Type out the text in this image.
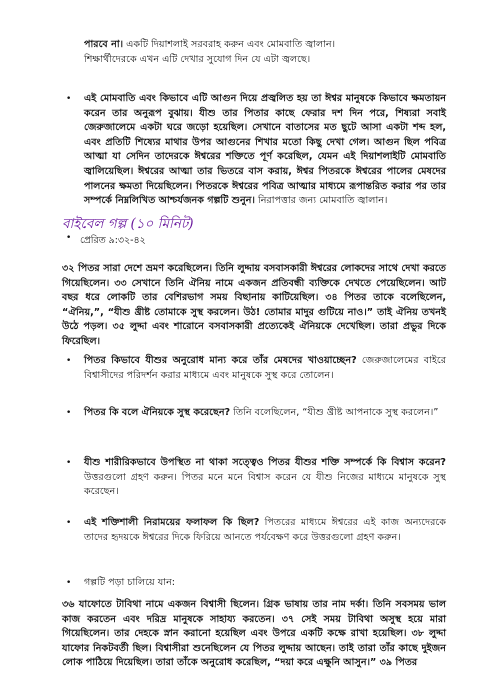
পারবে না। একটি দিয়াশলাই সরবরাহ করুন এবং মোমবাতি জ্বালান।
শিক্ষার্থীদেরকে এখন এটি দেখার সুযোগ দিন যে এটা জ্বলছে।
• এই মোমবাতি এবং কিভাবে এটি আগুন দিয়ে প্রজ্বলিত হয় তা ঈশ্বর মানুষকে কিভাবে ক্ষমতায়ন করেন তার অনুরূপ বুঝায়। যীশু তার পিতার কাছে ফেরার দশ দিন পরে, শিষ্যরা সবাই জেরুজালেমে একটা ঘরে জড়ো হয়েছিল। সেখানে বাতাসের মত ছুটে আসা একটা শব্দ হল, এবং প্রতিটি শিষ্যের মাথার উপর আগুনের শিখার মতো কিছু দেখা গেল। আগুন ছিল পবিত্র আত্মা যা সেদিন তাদেরকে ঈশ্বরের শক্তিতে পূর্ণ করেছিল, যেমন এই দিয়াশলাইটি মোমবাতি জ্বালিয়েছিল। ঈশ্বরের আত্মা তার ভিতরে বাস করায়, ঈশ্বর পিতরকে ঈশ্বরের পালের মেষদের পালনের ক্ষমতা দিয়েছিলেন। পিতরকে ঈশ্বরের পবিত্র আত্মার মাধ্যমে রূপান্তরিত করার পর তার সম্পর্কে নিম্নলিখিত আশ্চর্যজনক গল্পটি শুনুন। নিরাপত্তার জন্য মোমবাতি জ্বালান।
বাইবেল গল্প (১০ মিনিট)
• প্রেরিত ৯:৩২-৪২
৩২ পিতর সারা দেশে ভ্রমণ করেছিলেন। তিনি লুদ্দায় বসবাসকারী ঈশ্বরের লোকদের সাথে দেখা করতে গিয়েছিলেন। ৩৩ সেখানে তিনি ঐনিয় নামে একজন প্রতিবন্ধী ব্যক্তিকে দেখতে পেয়েছিলেন। আট বছর ধরে লোকটি তার বেশিরভাগ সময় বিছানায় কাটিয়েছিল। ৩৪ পিতর তাকে বলেছিলেন, “ঐনিয়,”, “যীশু খ্রীষ্ট তোমাকে সুস্থ করলেন। উঠ! তোমার মাদুর গুটিয়ে নাও।” তাই ঐনিয় তখনই উঠে পড়ল। ৩৫ লুদ্দা এবং শারোনে বসবাসকারী প্রত্যেকেই ঐনিয়কে দেখেছিল। তারা প্রভুর দিকে ফিরেছিল।
• পিতর কিভাবে যীশুর অনুরোধ মান্য করে তাঁর মেষদের খাওয়াচ্ছেন? জেরুজালেমের বাইরে বিশ্বাসীদের পরিদর্শন করার মাধ্যমে এবং মানুষকে সুস্থ করে তোলেন।
• পিতর কি বলে ঐনিয়কে সুস্থ করেছেন? তিনি বলেছিলেন, “যীশু খ্রীষ্ট আপনাকে সুস্থ করলেন।”
• যীশু শারীরিকভাবে উপস্থিত না থাকা সত্ত্বেও পিতর যীশুর শক্তি সম্পর্কে কি বিশ্বাস করেন? উত্তরগুলো গ্রহণ করুন। পিতর মনে মনে বিশ্বাস করেন যে যীশু নিজের মাধ্যমে মানুষকে সুস্থ করেছেন।
• এই শক্তিশালী নিরাময়ের ফলাফল কি ছিল? পিতরের মাধ্যমে ঈশ্বরের এই কাজ অন্যদেরকে তাদের হৃদয়কে ঈশ্বরের দিকে ফিরিয়ে আনতে পর্যবেক্ষণ করে উত্তরগুলো গ্রহণ করুন।
• গল্পটি পড়া চালিয়ে যান:
৩৬ যাফোতে টাবিথা নামে একজন বিশ্বাসী ছিলেন। গ্রিক ভাষায় তার নাম দর্কা। তিনি সবসময় ভাল কাজ করতেন এবং দরিদ্র মানুষকে সাহায্য করতেন। ৩৭ সেই সময় টাবিথা অসুস্থ হয়ে মারা গিয়েছিলেন। তার দেহকে স্নান করানো হয়েছিল এবং উপরে একটি কক্ষে রাখা হয়েছিল। ৩৮ লুদ্দা যাফোর নিকটবর্তী ছিল। বিশ্বাসীরা শুনেছিলেন যে পিতর লুদ্দায় আছেন। তাই তারা তাঁর কাছে দুইজন লোক পাঠিয়ে দিয়েছিল। তারা তাঁকে অনুরোধ করেছিল, “দয়া করে এক্ষুনি আসুন।” ৩৯ পিতর
